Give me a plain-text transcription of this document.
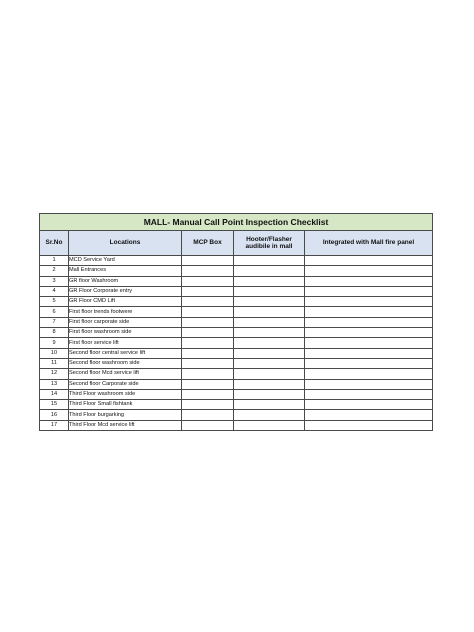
MALL- Manual Call Point Inspection Checklist				
Sr.No	Locations	MCP Box	Hooter/Flasher audibile in mall	Integrated with Mall fire panel
1	MCD Service Yard			
2	Mall Entrances			
3	GR floor Washroom			
4	GR Floor Corporate entry			
5	GR Floor CMD Lift			
6	First floor trends footwere			
7	First floor carporate side			
8	First floor washroom side			
9	First floor service lift			
10	Second floor central service lift			
11	Second floor washroom side			
12	Second floor Mcd service lift			
13	Second floor Carporate side			
14	Third Floor washroom side			
15	Third Floor Small fishtank			
16	Third Floor burgarking			
17	Third Floor Mcd service lift			
